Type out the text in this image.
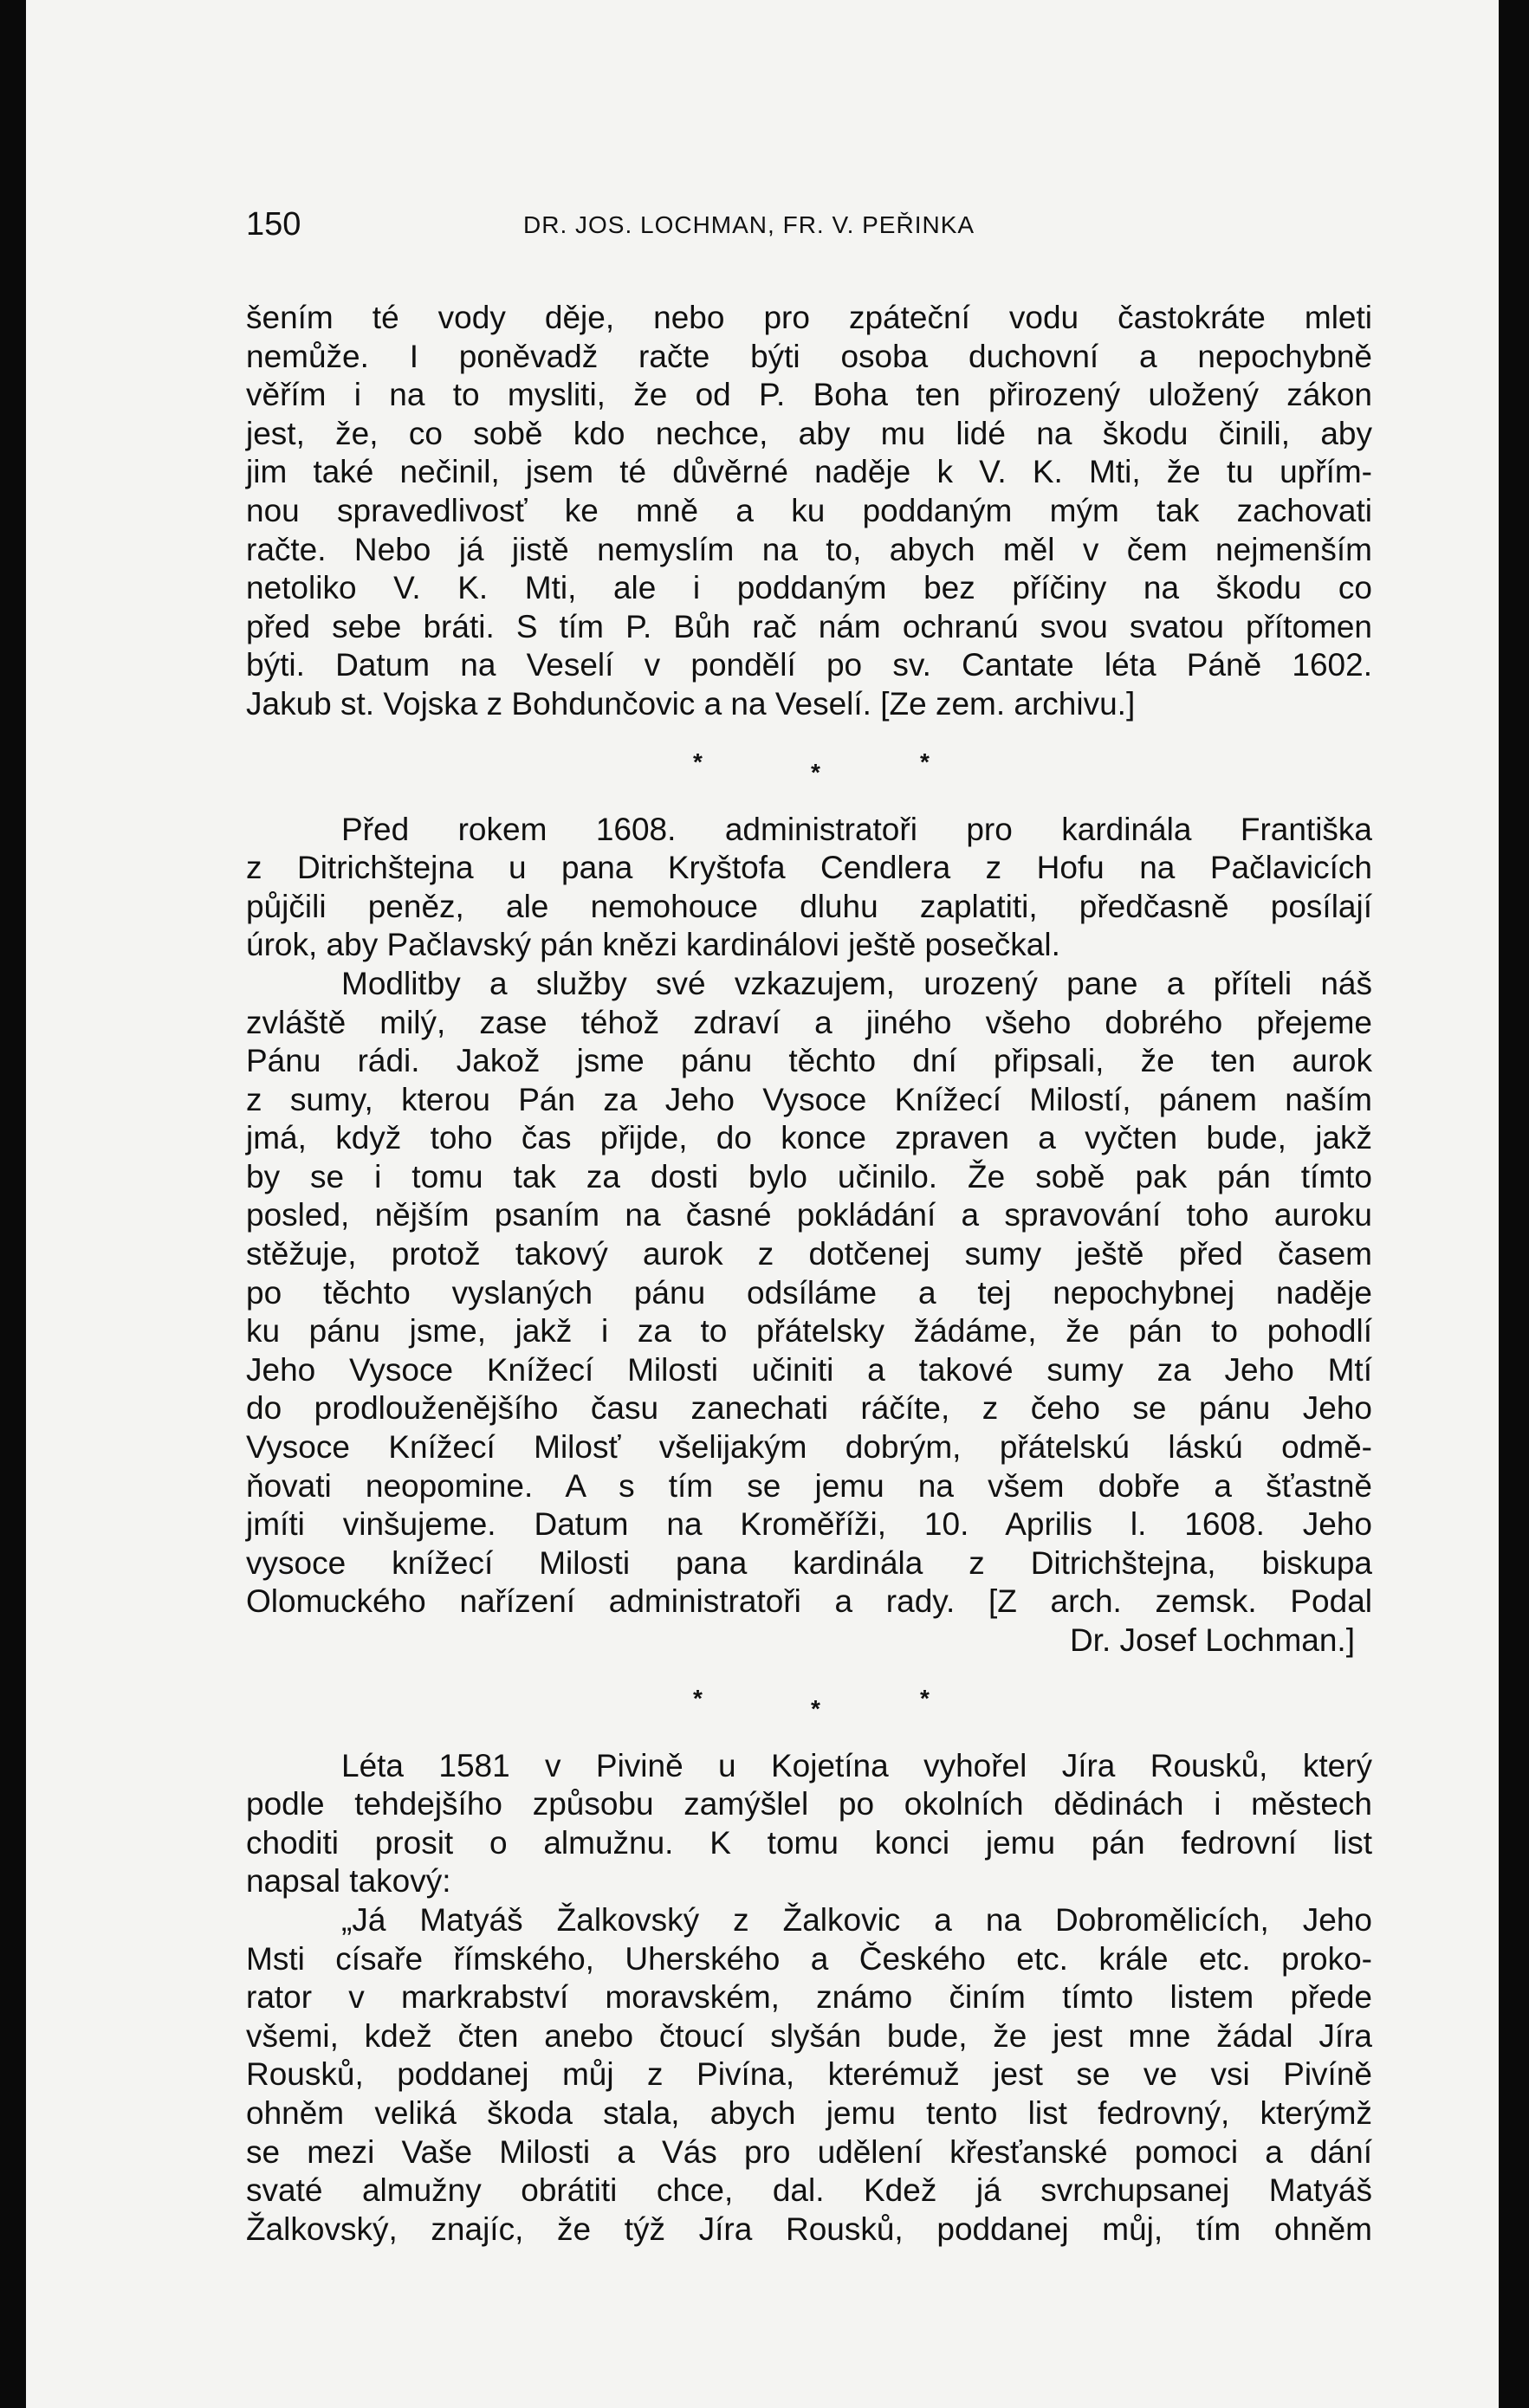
150	DR. JOS. LOCHMAN, FR. V. PEŘINKA
šením té vody děje, nebo pro zpáteční vodu častokráte mleti
nemůže. I poněvadž račte býti osoba duchovní a nepochybně
věřím i na to mysliti, že od P. Boha ten přirozený uložený zákon
jest, že, co sobě kdo nechce, aby mu lidé na škodu činili, aby
jim také nečinil, jsem té důvěrné naděje k V. K. Mti, že tu upřím-
nou spravedlivosť ke mně a ku poddaným mým tak zachovati
račte. Nebo já jistě nemyslím na to, abych měl v čem nejmenším
netoliko V. K. Mti, ale i poddaným bez příčiny na škodu co
před sebe bráti. S tím P. Bůh rač nám ochranú svou svatou přítomen
býti. Datum na Veselí v pondělí po sv. Cantate léta Páně 1602.
Jakub st. Vojska z Bohdunčovic a na Veselí. [Ze zem. archivu.]
*	*	*
Před rokem 1608. administratoři pro kardinála Františka
z Ditrichštejna u pana Kryštofa Cendlera z Hofu na Pačlavicích
půjčili peněz, ale nemohouce dluhu zaplatiti, předčasně posílají
úrok, aby Pačlavský pán knězi kardinálovi ještě posečkal.
Modlitby a služby své vzkazujem, urozený pane a příteli náš
zvláště milý, zase téhož zdraví a jiného všeho dobrého přejeme
Pánu rádi. Jakož jsme pánu těchto dní připsali, že ten aurok
z sumy, kterou Pán za Jeho Vysoce Knížecí Milostí, pánem naším
jmá, když toho čas přijde, do konce zpraven a vyčten bude, jakž
by se i tomu tak za dosti bylo učinilo. Že sobě pak pán tímto
posled, nějším psaním na časné pokládání a spravování toho auroku
stěžuje, protož takový aurok z dotčenej sumy ještě před časem
po těchto vyslaných pánu odsíláme a tej nepochybnej naděje
ku pánu jsme, jakž i za to přátelsky žádáme, že pán to pohodlí
Jeho Vysoce Knížecí Milosti učiniti a takové sumy za Jeho Mtí
do prodlouženějšího času zanechati ráčíte, z čeho se pánu Jeho
Vysoce Knížecí Milosť všelijakým dobrým, přátelskú láskú odmě-
ňovati neopomine. A s tím se jemu na všem dobře a šťastně
jmíti vinšujeme. Datum na Kroměříži, 10. Aprilis l. 1608. Jeho
vysoce knížecí Milosti pana kardinála z Ditrichštejna, biskupa
Olomuckého nařízení administratoři a rady. [Z arch. zemsk. Podal
Dr. Josef Lochman.]
*	*	*
Léta 1581 v Pivině u Kojetína vyhořel Jíra Rousků, který
podle tehdejšího způsobu zamýšlel po okolních dědinách i městech
choditi prosit o almužnu. K tomu konci jemu pán fedrovní list
napsal takový:
„Já Matyáš Žalkovský z Žalkovic a na Dobromělicích, Jeho
Msti císaře římského, Uherského a Českého etc. krále etc. proko-
rator v markrabství moravském, známo činím tímto listem přede
všemi, kdež čten anebo čtoucí slyšán bude, že jest mne žádal Jíra
Rousků, poddanej můj z Pivína, kterémuž jest se ve vsi Pivíně
ohněm veliká škoda stala, abych jemu tento list fedrovný, kterýmž
se mezi Vaše Milosti a Vás pro udělení křesťanské pomoci a dání
svaté almužny obrátiti chce, dal. Kdež já svrchupsanej Matyáš
Žalkovský, znajíc, že týž Jíra Rousků, poddanej můj, tím ohněm
